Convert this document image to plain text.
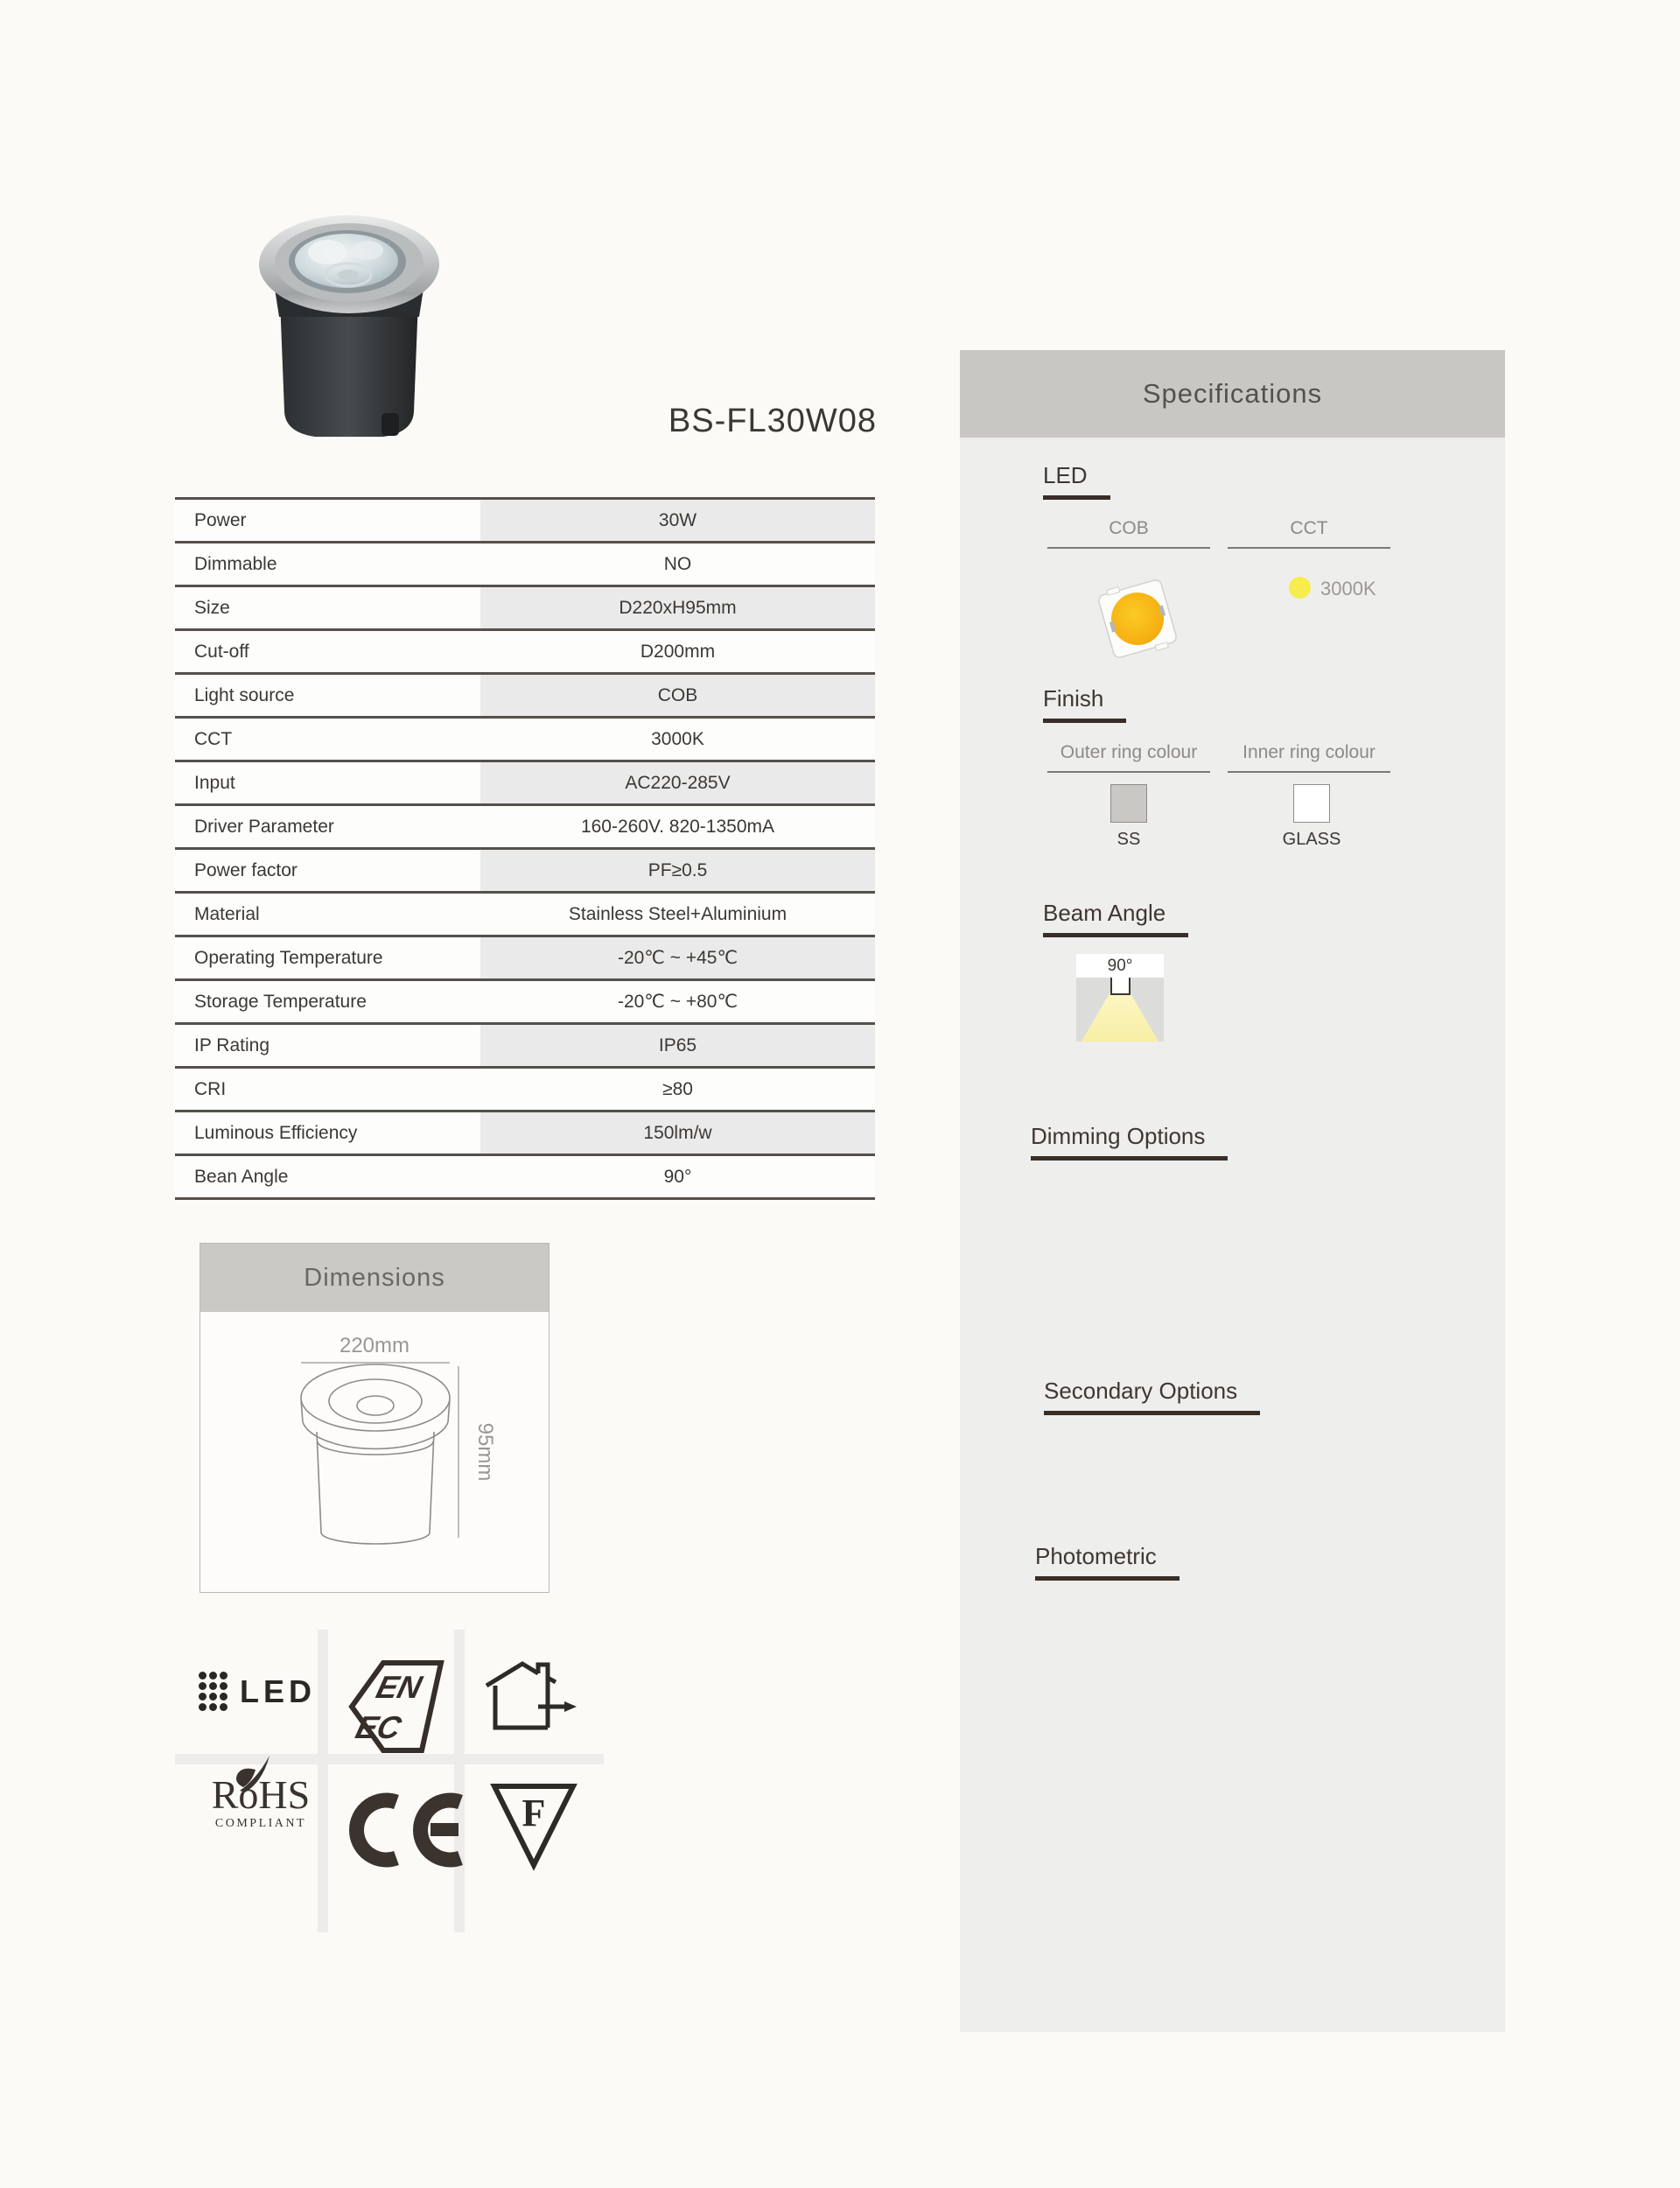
BS-FL30W08
Power	30W
Dimmable	NO
Size	D220xH95mm
Cut-off	D200mm
Light source	COB
CCT	3000K
Input	AC220-285V
Driver Parameter	160-260V. 820-1350mA
Power factor	PF≥0.5
Material	Stainless Steel+Aluminium
Operating Temperature	-20℃ ~ +45℃
Storage Temperature	-20℃ ~ +80℃
IP Rating	IP65
CRI	≥80
Luminous Efficiency	150lm/w
Bean Angle	90°
Dimensions
220mm
95mm
LED EN
EC
RoHS
COMPLIANT	F
Specifications
LED
COB	CCT
3000K
Finish
Outer ring colour	Inner ring colour
SS	GLASS
Beam Angle
90°
Dimming Options
Secondary Options
Photometric
